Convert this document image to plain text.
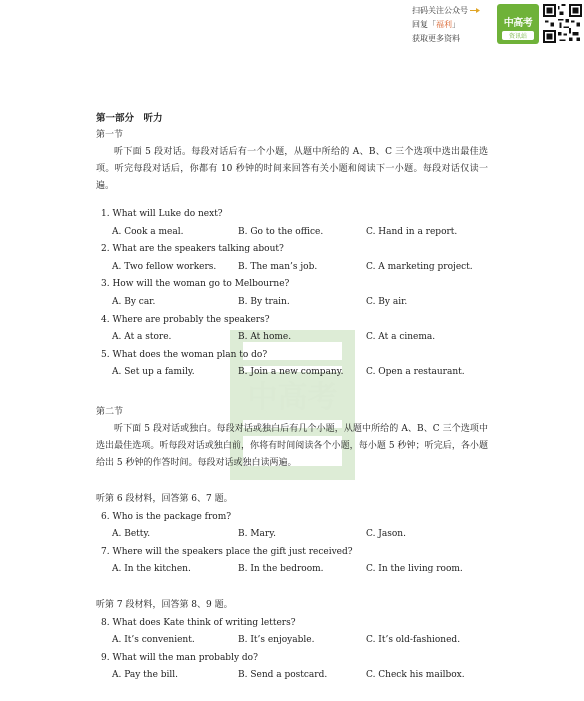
扫码关注公众号
回复「福利」
获取更多资料
中高考
资讯站
中高考
第一部分　听力
第一节
听下面 5 段对话。每段对话后有一个小题，从题中所给的 A、B、C 三个选项中选出最佳选项。听完每段对话后，你都有 10 秒钟的时间来回答有关小题和阅读下一小题。每段对话仅读一遍。
1. What will Luke do next?
A. Cook a meal.	B. Go to the office.	C. Hand in a report.
2. What are the speakers talking about?
A. Two fellow workers.	B. The man’s job.	C. A marketing project.
3. How will the woman go to Melbourne?
A. By car.	B. By train.	C. By air.
4. Where are probably the speakers?
A. At a store.	B. At home.	C. At a cinema.
5. What does the woman plan to do?
A. Set up a family.	B. Join a new company.	C. Open a restaurant.
第二节
听下面 5 段对话或独白。每段对话或独白后有几个小题，从题中所给的 A、B、C 三个选项中选出最佳选项。听每段对话或独白前，你将有时间阅读各个小题，每小题 5 秒钟；听完后，各小题给出 5 秒钟的作答时间。每段对话或独白读两遍。
听第 6 段材料，回答第 6、7 题。
6. Who is the package from?
A. Betty.	B. Mary.	C. Jason.
7. Where will the speakers place the gift just received?
A. In the kitchen.	B. In the bedroom.	C. In the living room.
听第 7 段材料，回答第 8、9 题。
8. What does Kate think of writing letters?
A. It’s convenient.	B. It’s enjoyable.	C. It’s old-fashioned.
9. What will the man probably do?
A. Pay the bill.	B. Send a postcard.	C. Check his mailbox.
